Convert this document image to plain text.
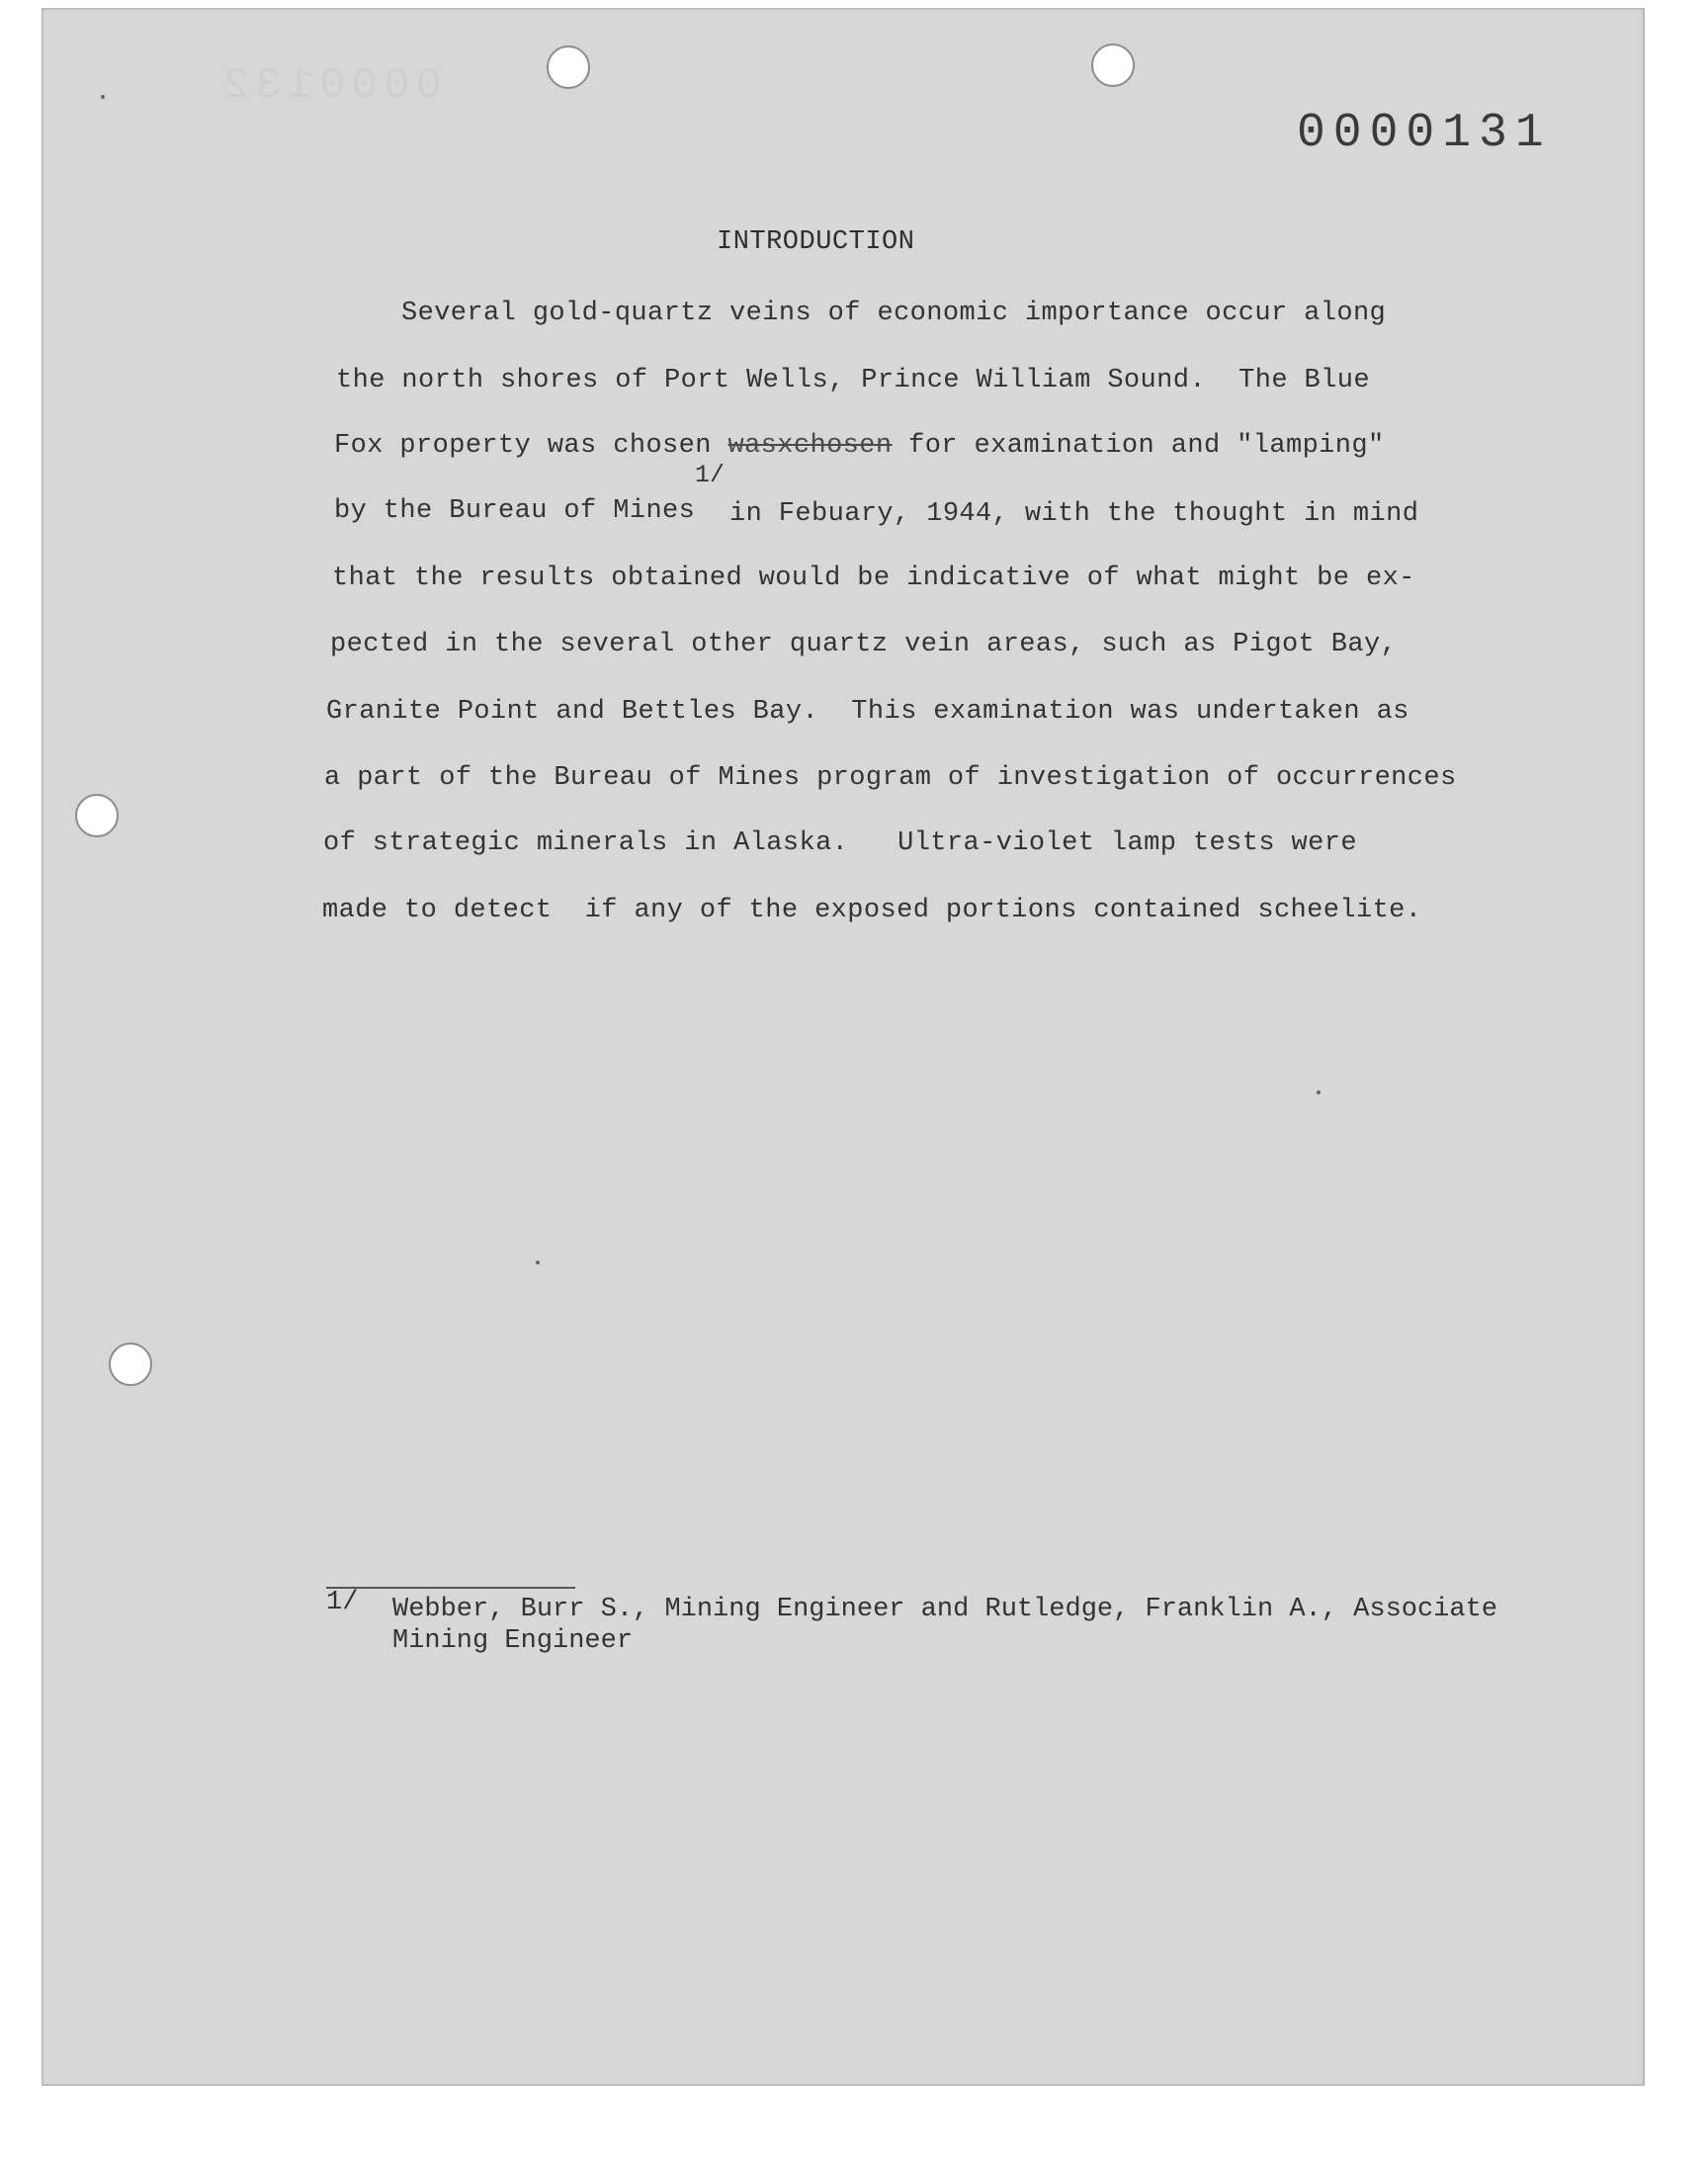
0000132
0000131
INTRODUCTION
Several gold-quartz veins of economic importance occur along
the north shores of Port Wells, Prince William Sound.  The Blue
Fox property was chosen wasxchosen for examination and "lamping"
1/
by the Bureau of Mines in Febuary, 1944, with the thought in mind
that the results obtained would be indicative of what might be ex-
pected in the several other quartz vein areas, such as Pigot Bay,
Granite Point and Bettles Bay.  This examination was undertaken as
a part of the Bureau of Mines program of investigation of occurrences
of strategic minerals in Alaska.   Ultra-violet lamp tests were
made to detect  if any of the exposed portions contained scheelite.
1/ Webber, Burr S., Mining Engineer and Rutledge, Franklin A., Associate
Mining Engineer
